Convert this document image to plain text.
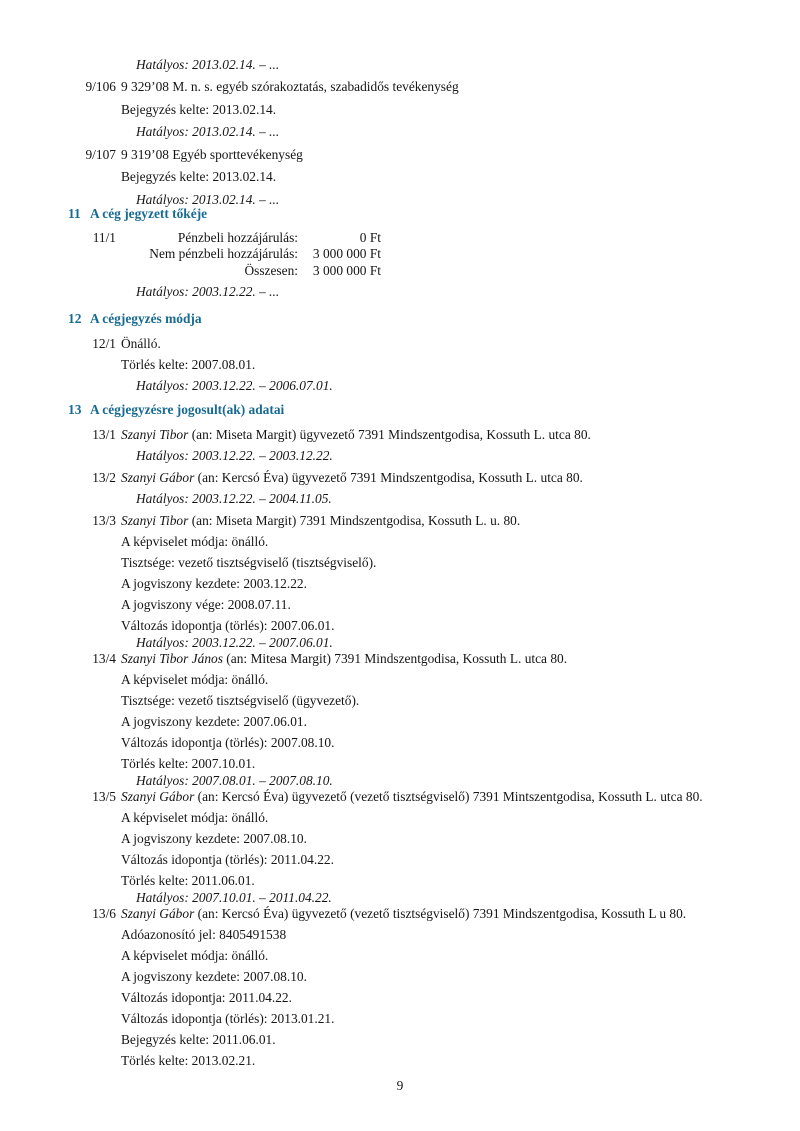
Hatályos: 2013.02.14. – ...
9/106 9 329’08 M. n. s. egyéb szórakoztatás, szabadidős tevékenység
Bejegyzés kelte: 2013.02.14.
Hatályos: 2013.02.14. – ...
9/107 9 319’08 Egyéb sporttevékenység
Bejegyzés kelte: 2013.02.14.
Hatályos: 2013.02.14. – ...
11 A cég jegyzett tőkéje
11/1	Pénzbeli hozzájárulás:	0 Ft
Nem pénzbeli hozzájárulás: 3 000 000 Ft
Összesen: 3 000 000 Ft
Hatályos: 2003.12.22. – ...
12 A cégjegyzés módja
12/1 Önálló.
Törlés kelte: 2007.08.01.
Hatályos: 2003.12.22. – 2006.07.01.
13 A cégjegyzésre jogosult(ak) adatai
13/1 Szanyi Tibor (an: Miseta Margit) ügyvezető 7391 Mindszentgodisa, Kossuth L. utca 80.
Hatályos: 2003.12.22. – 2003.12.22.
13/2 Szanyi Gábor (an: Kercsó Éva) ügyvezető 7391 Mindszentgodisa, Kossuth L. utca 80.
Hatályos: 2003.12.22. – 2004.11.05.
13/3 Szanyi Tibor (an: Miseta Margit) 7391 Mindszentgodisa, Kossuth L. u. 80.
A képviselet módja: önálló.
Tisztsége: vezető tisztségviselő (tisztségviselő).
A jogviszony kezdete: 2003.12.22.
A jogviszony vége: 2008.07.11.
Változás idopontja (törlés): 2007.06.01.
Hatályos: 2003.12.22. – 2007.06.01.
13/4 Szanyi Tibor János (an: Mitesa Margit) 7391 Mindszentgodisa, Kossuth L. utca 80.
A képviselet módja: önálló.
Tisztsége: vezető tisztségviselő (ügyvezető).
A jogviszony kezdete: 2007.06.01.
Változás idopontja (törlés): 2007.08.10.
Törlés kelte: 2007.10.01.
Hatályos: 2007.08.01. – 2007.08.10.
13/5 Szanyi Gábor (an: Kercsó Éva) ügyvezető (vezető tisztségviselő) 7391 Mintszentgodisa, Kossuth L. utca 80.
A képviselet módja: önálló.
A jogviszony kezdete: 2007.08.10.
Változás idopontja (törlés): 2011.04.22.
Törlés kelte: 2011.06.01.
Hatályos: 2007.10.01. – 2011.04.22.
13/6 Szanyi Gábor (an: Kercsó Éva) ügyvezető (vezető tisztségviselő) 7391 Mindszentgodisa, Kossuth L u 80.
Adóazonosító jel: 8405491538
A képviselet módja: önálló.
A jogviszony kezdete: 2007.08.10.
Változás idopontja: 2011.04.22.
Változás idopontja (törlés): 2013.01.21.
Bejegyzés kelte: 2011.06.01.
Törlés kelte: 2013.02.21.
9
